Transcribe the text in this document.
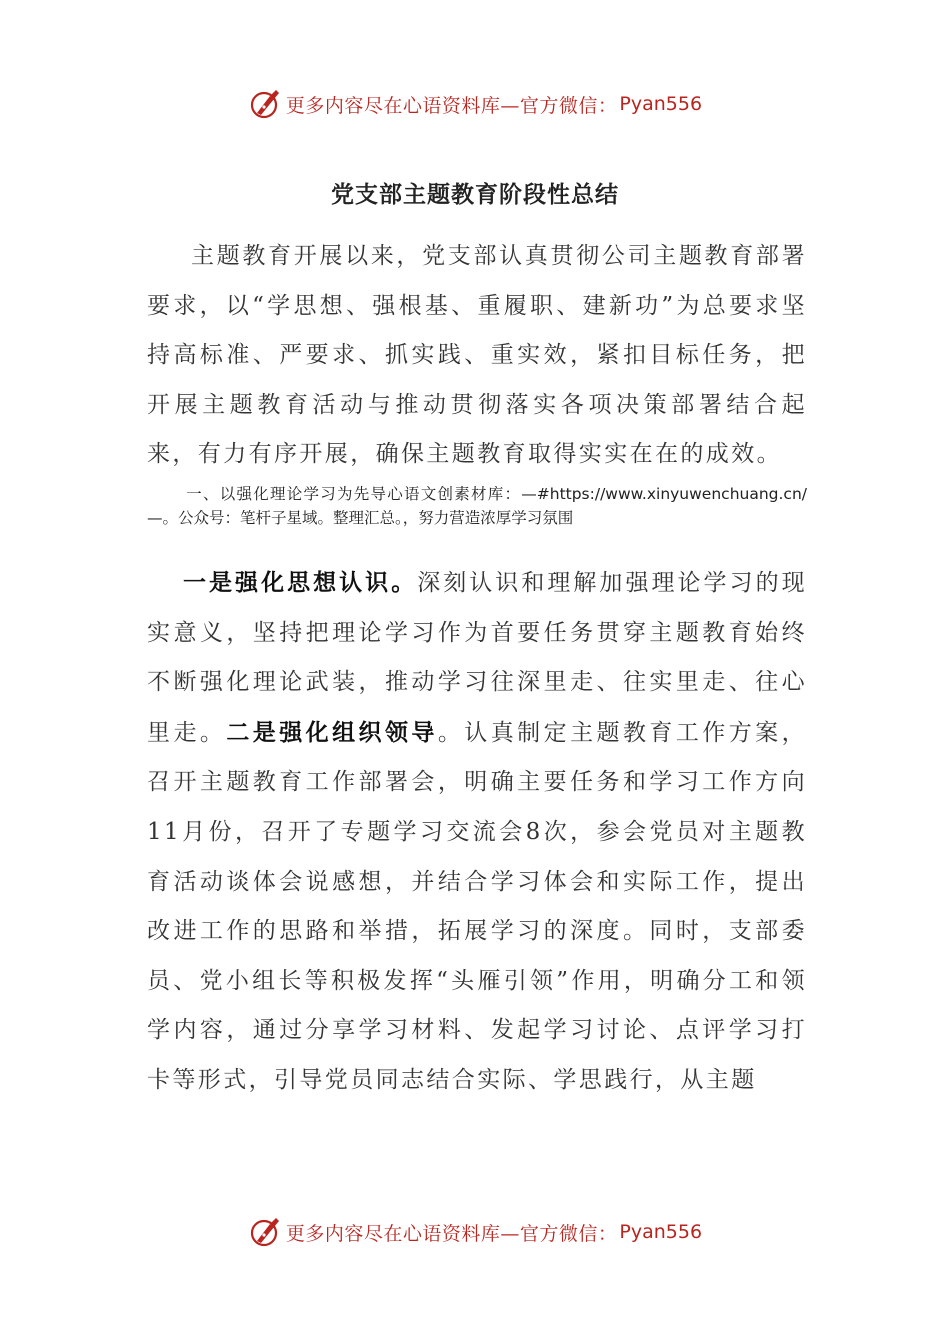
更多内容尽在心语资料库—官方微信： Pyan556
党支部主题教育阶段性总结

主题教育开展以来，党支部认真贯彻公司主题教育部署要求，以“学思想、强根基、重履职、建新功”为总要求坚持高标准、严要求、抓实践、重实效，紧扣目标任务，把开展主题教育活动与推动贯彻落实各项决策部署结合起来，有力有序开展，确保主题教育取得实实在在的成效。

一、以强化理论学习为先导心语文创素材库：—#https://www.xinyuwenchuang.cn/—。公众号：笔杆子星域。整理汇总。，努力营造浓厚学习氛围

一是强化思想认识。深刻认识和理解加强理论学习的现实意义，坚持把理论学习作为首要任务贯穿主题教育始终不断强化理论武装，推动学习往深里走、往实里走、往心里走。二是强化组织领导。认真制定主题教育工作方案，召开主题教育工作部署会，明确主要任务和学习工作方向11月份，召开了专题学习交流会8次，参会党员对主题教育活动谈体会说感想，并结合学习体会和实际工作，提出改进工作的思路和举措，拓展学习的深度。同时，支部委员、党小组长等积极发挥“头雁引领”作用，明确分工和领学内容，通过分享学习材料、发起学习讨论、点评学习打卡等形式，引导党员同志结合实际、学思践行，从主题

更多内容尽在心语资料库—官方微信： Pyan556
